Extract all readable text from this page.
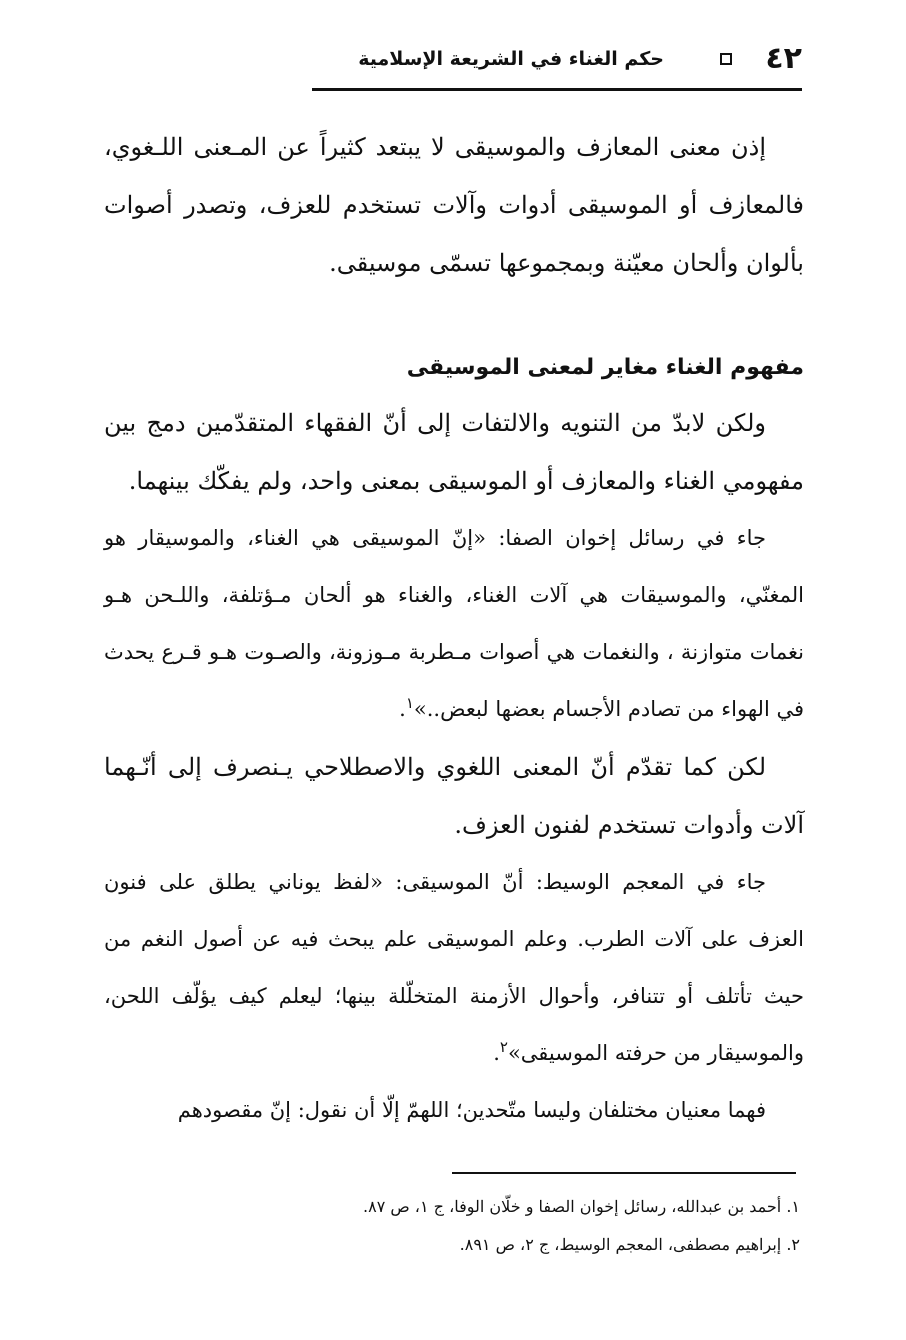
٤٢
حكم الغناء في الشريعة الإسلامية

إذن معنى المعازف والموسيقى لا يبتعد كثيراً عن المـعنى اللـغوي، فالمعازف أو الموسيقى أدوات وآلات تستخدم للعزف، وتصدر أصوات بألوان وألحان معيّنة وبمجموعها تسمّى موسيقى.

مفهوم الغناء مغاير لمعنى الموسيقى

ولكن لابدّ من التنويه والالتفات إلى أنّ الفقهاء المتقدّمين دمج بين مفهومي الغناء والمعازف أو الموسيقى بمعنى واحد، ولم يفكّك بينهما.

جاء في رسائل إخوان الصفا: «إنّ الموسيقى هي الغناء، والموسيقار هو المغنّي، والموسيقات هي آلات الغناء، والغناء هو ألحان مـؤتلفة، واللـحن هـو نغمات متوازنة ، والنغمات هي أصوات مـطربة مـوزونة، والصـوت هـو قـرع يحدث في الهواء من تصادم الأجسام بعضها لبعض..»$^١$.

لكن كما تقدّم أنّ المعنى اللغوي والاصطلاحي يـنصرف إلى أنّـهما آلات وأدوات تستخدم لفنون العزف.

جاء في المعجم الوسيط: أنّ الموسيقى: «لفظ يوناني يطلق على فنون العزف على آلات الطرب. وعلم الموسيقى علم يبحث فيه عن أصول النغم من حيث تأتلف أو تتنافر، وأحوال الأزمنة المتخلّلة بينها؛ ليعلم كيف يؤلّف اللحن، والموسيقار من حرفته الموسيقى»$^٢$.

فهما معنيان مختلفان وليسا متّحدين؛ اللهمّ إلّا أن نقول: إنّ مقصودهم

١. أحمد بن عبدالله، رسائل إخوان الصفا و خلّان الوفا، ج ١، ص ٨٧.

٢. إبراهيم مصطفى، المعجم الوسيط، ج ٢، ص ٨٩١.
